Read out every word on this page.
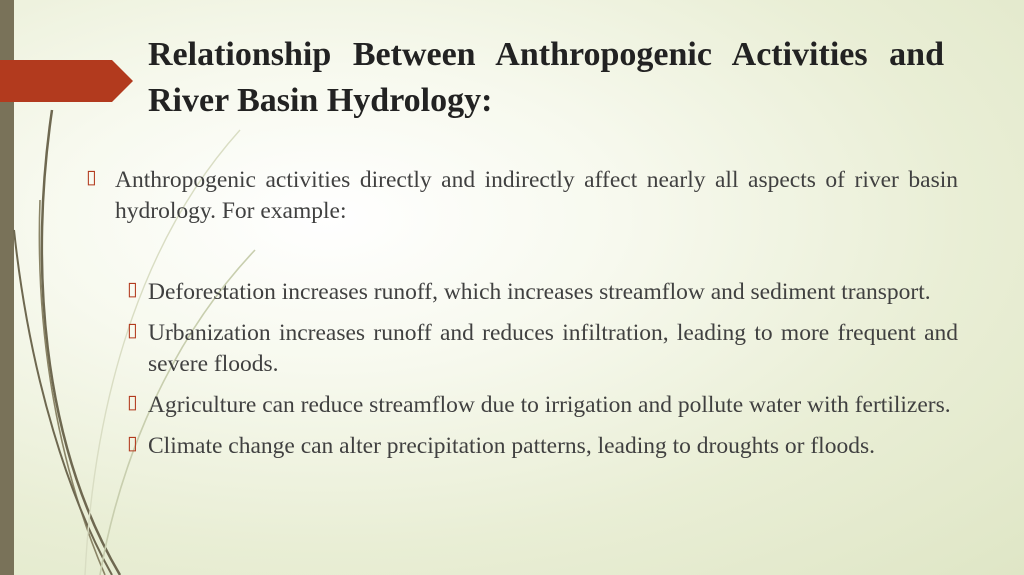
Relationship Between Anthropogenic Activities and River Basin Hydrology:
▯ Anthropogenic activities directly and indirectly affect nearly all aspects of river basin hydrology. For example:
▯ Deforestation increases runoff, which increases streamflow and sediment transport.
▯ Urbanization increases runoff and reduces infiltration, leading to more frequent and severe floods.
▯ Agriculture can reduce streamflow due to irrigation and pollute water with fertilizers.
▯ Climate change can alter precipitation patterns, leading to droughts or floods.
